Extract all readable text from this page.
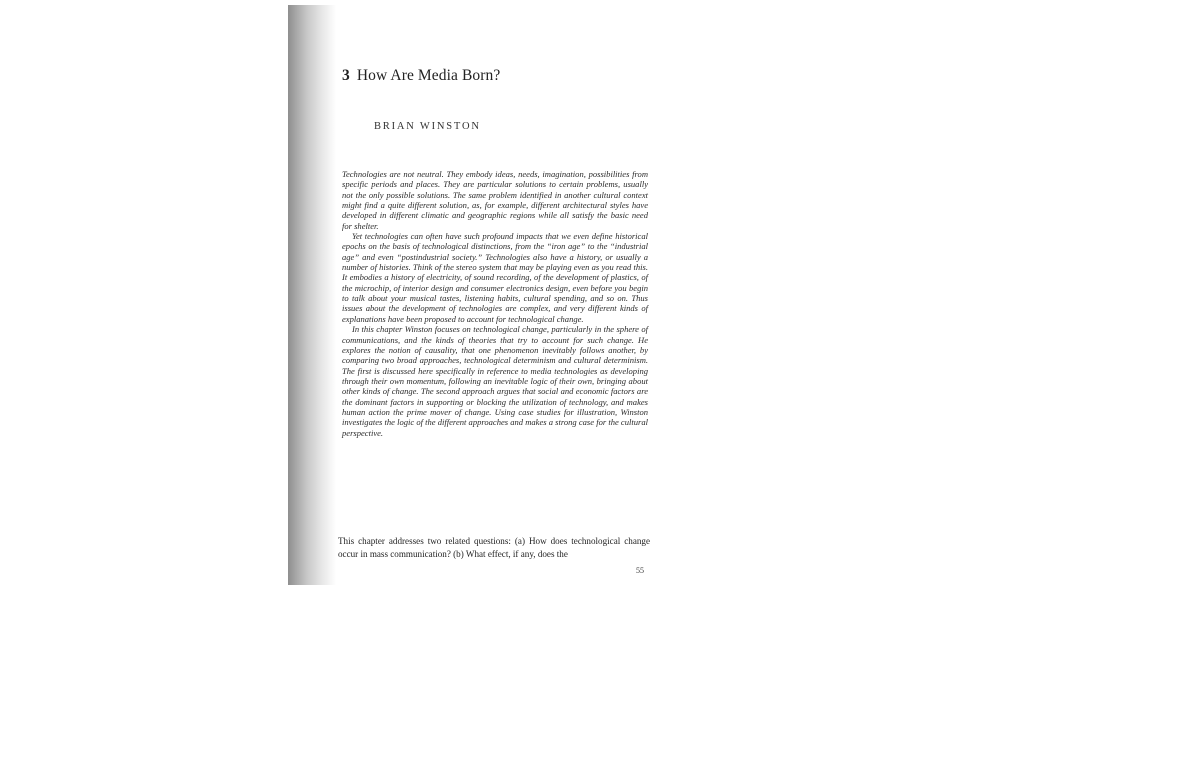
3 How Are Media Born?
BRIAN WINSTON

Technologies are not neutral. They embody ideas, needs, imagination, possibilities from specific periods and places. They are particular solutions to certain problems, usually not the only possible solutions. The same problem identified in another cultural context might find a quite different solution, as, for example, different architectural styles have developed in different climatic and geographic regions while all satisfy the basic need for shelter.

Yet technologies can often have such profound impacts that we even define historical epochs on the basis of technological distinctions, from the “iron age” to the “industrial age” and even “postindustrial society.” Technologies also have a history, or usually a number of histories. Think of the stereo system that may be playing even as you read this. It embodies a history of electricity, of sound recording, of the development of plastics, of the microchip, of interior design and consumer electronics design, even before you begin to talk about your musical tastes, listening habits, cultural spending, and so on. Thus issues about the development of technologies are complex, and very different kinds of explanations have been proposed to account for technological change.

In this chapter Winston focuses on technological change, particularly in the sphere of communications, and the kinds of theories that try to account for such change. He explores the notion of causality, that one phenomenon inevitably follows another, by comparing two broad approaches, technological determinism and cultural determinism. The first is discussed here specifically in reference to media technologies as developing through their own momentum, following an inevitable logic of their own, bringing about other kinds of change. The second approach argues that social and economic factors are the dominant factors in supporting or blocking the utilization of technology, and makes human action the prime mover of change. Using case studies for illustration, Winston investigates the logic of the different approaches and makes a strong case for the cultural perspective.

This chapter addresses two related questions: (a) How does technological change occur in mass communication? (b) What effect, if any, does the

55
